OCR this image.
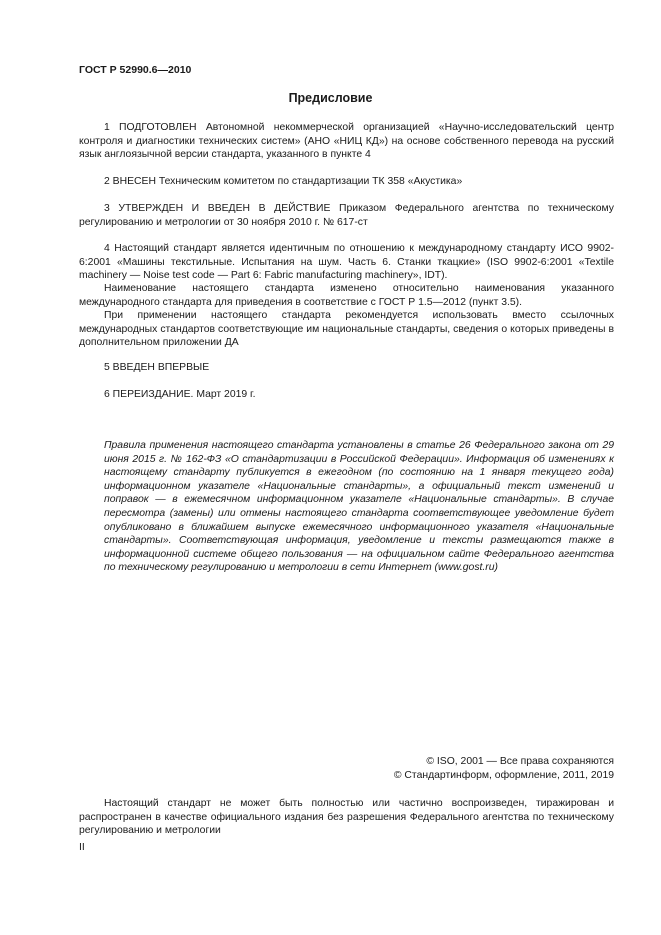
ГОСТ Р 52990.6—2010
Предисловие

1 ПОДГОТОВЛЕН Автономной некоммерческой организацией «Научно-исследовательский центр контроля и диагностики технических систем» (АНО «НИЦ КД») на основе собственного перевода на русский язык англоязычной версии стандарта, указанного в пункте 4

2 ВНЕСЕН Техническим комитетом по стандартизации ТК 358 «Акустика»

3 УТВЕРЖДЕН И ВВЕДЕН В ДЕЙСТВИЕ Приказом Федерального агентства по техническому регулированию и метрологии от 30 ноября 2010 г. № 617-ст

4 Настоящий стандарт является идентичным по отношению к международному стандарту ИСО 9902-6:2001 «Машины текстильные. Испытания на шум. Часть 6. Станки ткацкие» (ISO 9902-6:2001 «Textile machinery — Noise test code — Part 6: Fabric manufacturing machinery», IDT).

Наименование настоящего стандарта изменено относительно наименования указанного международного стандарта для приведения в соответствие с ГОСТ Р 1.5—2012 (пункт 3.5).

При применении настоящего стандарта рекомендуется использовать вместо ссылочных международных стандартов соответствующие им национальные стандарты, сведения о которых приведены в дополнительном приложении ДА

5 ВВЕДЕН ВПЕРВЫЕ

6 ПЕРЕИЗДАНИЕ. Март 2019 г.

Правила применения настоящего стандарта установлены в статье 26 Федерального закона от 29 июня 2015 г. № 162-ФЗ «О стандартизации в Российской Федерации». Информация об изменениях к настоящему стандарту публикуется в ежегодном (по состоянию на 1 января текущего года) информационном указателе «Национальные стандарты», а официальный текст изменений и поправок — в ежемесячном информационном указателе «Национальные стандарты». В случае пересмотра (замены) или отмены настоящего стандарта соответствующее уведомление будет опубликовано в ближайшем выпуске ежемесячного информационного указателя «Национальные стандарты». Соответствующая информация, уведомление и тексты размещаются также в информационной системе общего пользования — на официальном сайте Федерального агентства по техническому регулированию и метрологии в сети Интернет (www.gost.ru)

© ISO, 2001 — Все права сохраняются
© Стандартинформ, оформление, 2011, 2019

Настоящий стандарт не может быть полностью или частично воспроизведен, тиражирован и распространен в качестве официального издания без разрешения Федерального агентства по техническому регулированию и метрологии

II
